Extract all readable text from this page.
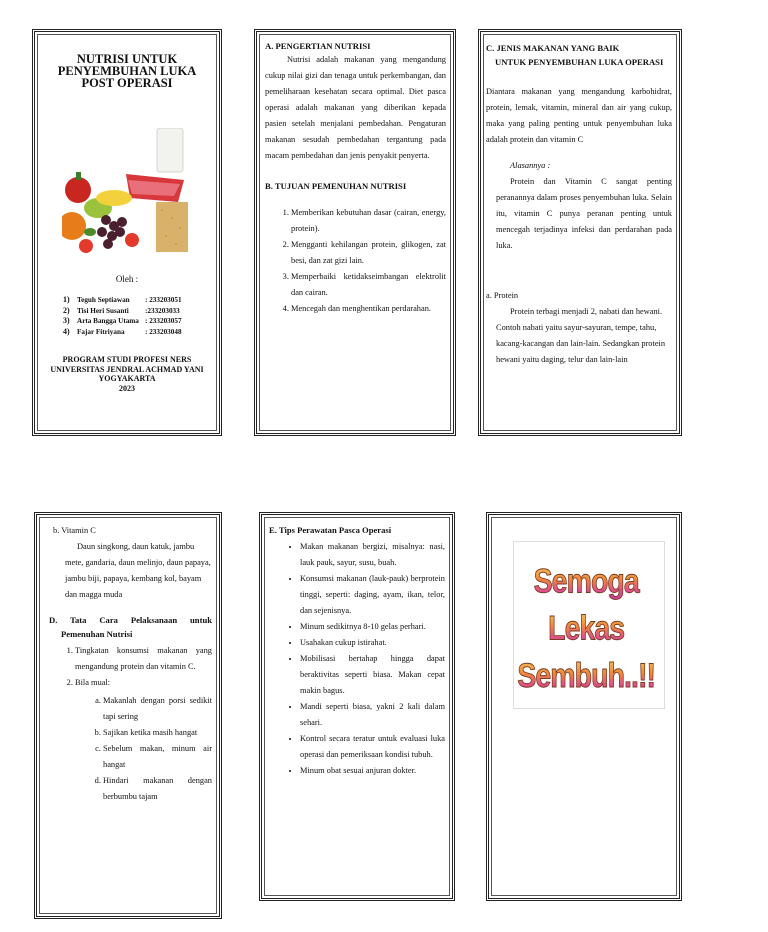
NUTRISI UNTUK PENYEMBUHAN LUKA POST OPERASI

Oleh :
1) Teguh Septiawan : 233203051
2) Tisi Heri Susanti :233203033
3) Arta Bangga Utama : 233203057
4) Fajar Fitriyana	: 233203048
PROGRAM STUDI PROFESI NERS
UNIVERSITAS JENDRAL ACHMAD YANI YOGYAKARTA
2023

A. PENGERTIAN NUTRISI

Nutrisi adalah makanan yang mengandung cukup nilai gizi dan tenaga untuk perkembangan, dan pemeliharaan kesehatan secara optimal. Diet pasca operasi adalah makanan yang diberikan kepada pasien setelah menjalani pembedahan. Pengaturan makanan sesudah pembedahan tergantung pada macam pembedahan dan jenis penyakit penyerta.

B. TUJUAN PEMENUHAN NUTRISI

1. Memberikan kebutuhan dasar (cairan, energy, protein).
2. Mengganti kehilangan protein, glikogen, zat besi, dan zat gizi lain.
3. Memperbaiki ketidakseimbangan elektrolit dan cairan.
4. Mencegah dan menghentikan perdarahan.

C. JENIS MAKANAN YANG BAIK

UNTUK PENYEMBUHAN LUKA OPERASI

Diantara makanan yang mengandung karbohidrat, protein, lemak, vitamin, mineral dan air yang cukup, maka yang paling penting untuk penyembuhan luka adalah protein dan vitamin C

Alasannya :

Protein dan Vitamin C sangat penting peranannya dalam proses penyembuhan luka. Selain itu, vitamin C punya peranan penting untuk mencegah terjadinya infeksi dan perdarahan pada luka.

a. Protein

Protein terbagi menjadi 2, nabati dan hewani. Contoh nabati yaitu sayur-sayuran, tempe, tahu, kacang-kacangan dan lain-lain. Sedangkan protein hewani yaitu daging, telur dan lain-lain

b. Vitamin C

Daun singkong, daun katuk, jambu mete, gandaria, daun melinjo, daun papaya, jambu biji, papaya, kembang kol, bayam dan magga muda

D. Tata Cara Pelaksanaan untuk

Pemenuhan Nutrisi

1. Tingkatan konsumsi makanan yang mengandung protein dan vitamin C.
2. Bila mual:
a. Makanlah dengan porsi sedikit tapi sering
b. Sajikan ketika masih hangat
c. Sebelum makan, minum air hangat
d. Hindari makanan dengan berbumbu tajam

E. Tips Perawatan Pasca Operasi

• Makan makanan bergizi, misalnya: nasi, lauk pauk, sayur, susu, buah.
• Konsumsi makanan (lauk-pauk) berprotein tinggi, seperti: daging, ayam, ikan, telor, dan sejenisnya.
• Minum sedikitnya 8-10 gelas perhari.
• Usahakan cukup istirahat.
• Mobilisasi bertahap hingga dapat beraktivitas seperti biasa. Makan cepat makin bagus.
• Mandi seperti biasa, yakni 2 kali dalam sehari.
• Kontrol secara teratur untuk evaluasi luka operasi dan pemeriksaan kondisi tubuh.
• Minum obat sesuai anjuran dokter.
Semoga
Lekas
Sembuh..!!
